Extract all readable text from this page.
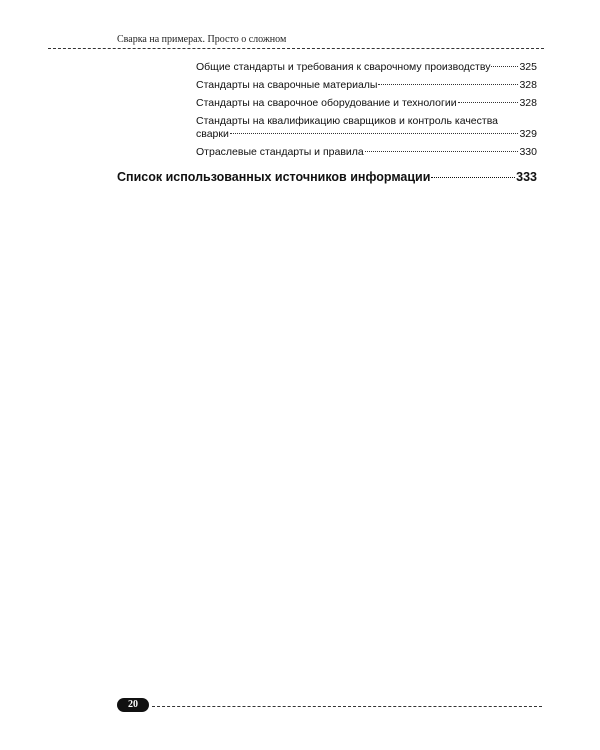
Сварка на примерах. Просто о сложном
Общие стандарты и требования к сварочному производству	325
Стандарты на сварочные материалы	328
Стандарты на сварочное оборудование и технологии	328
Стандарты на квалификацию сварщиков и контроль качества
сварки	329
Отраслевые стандарты и правила	330
Список использованных источников информации	333
20
